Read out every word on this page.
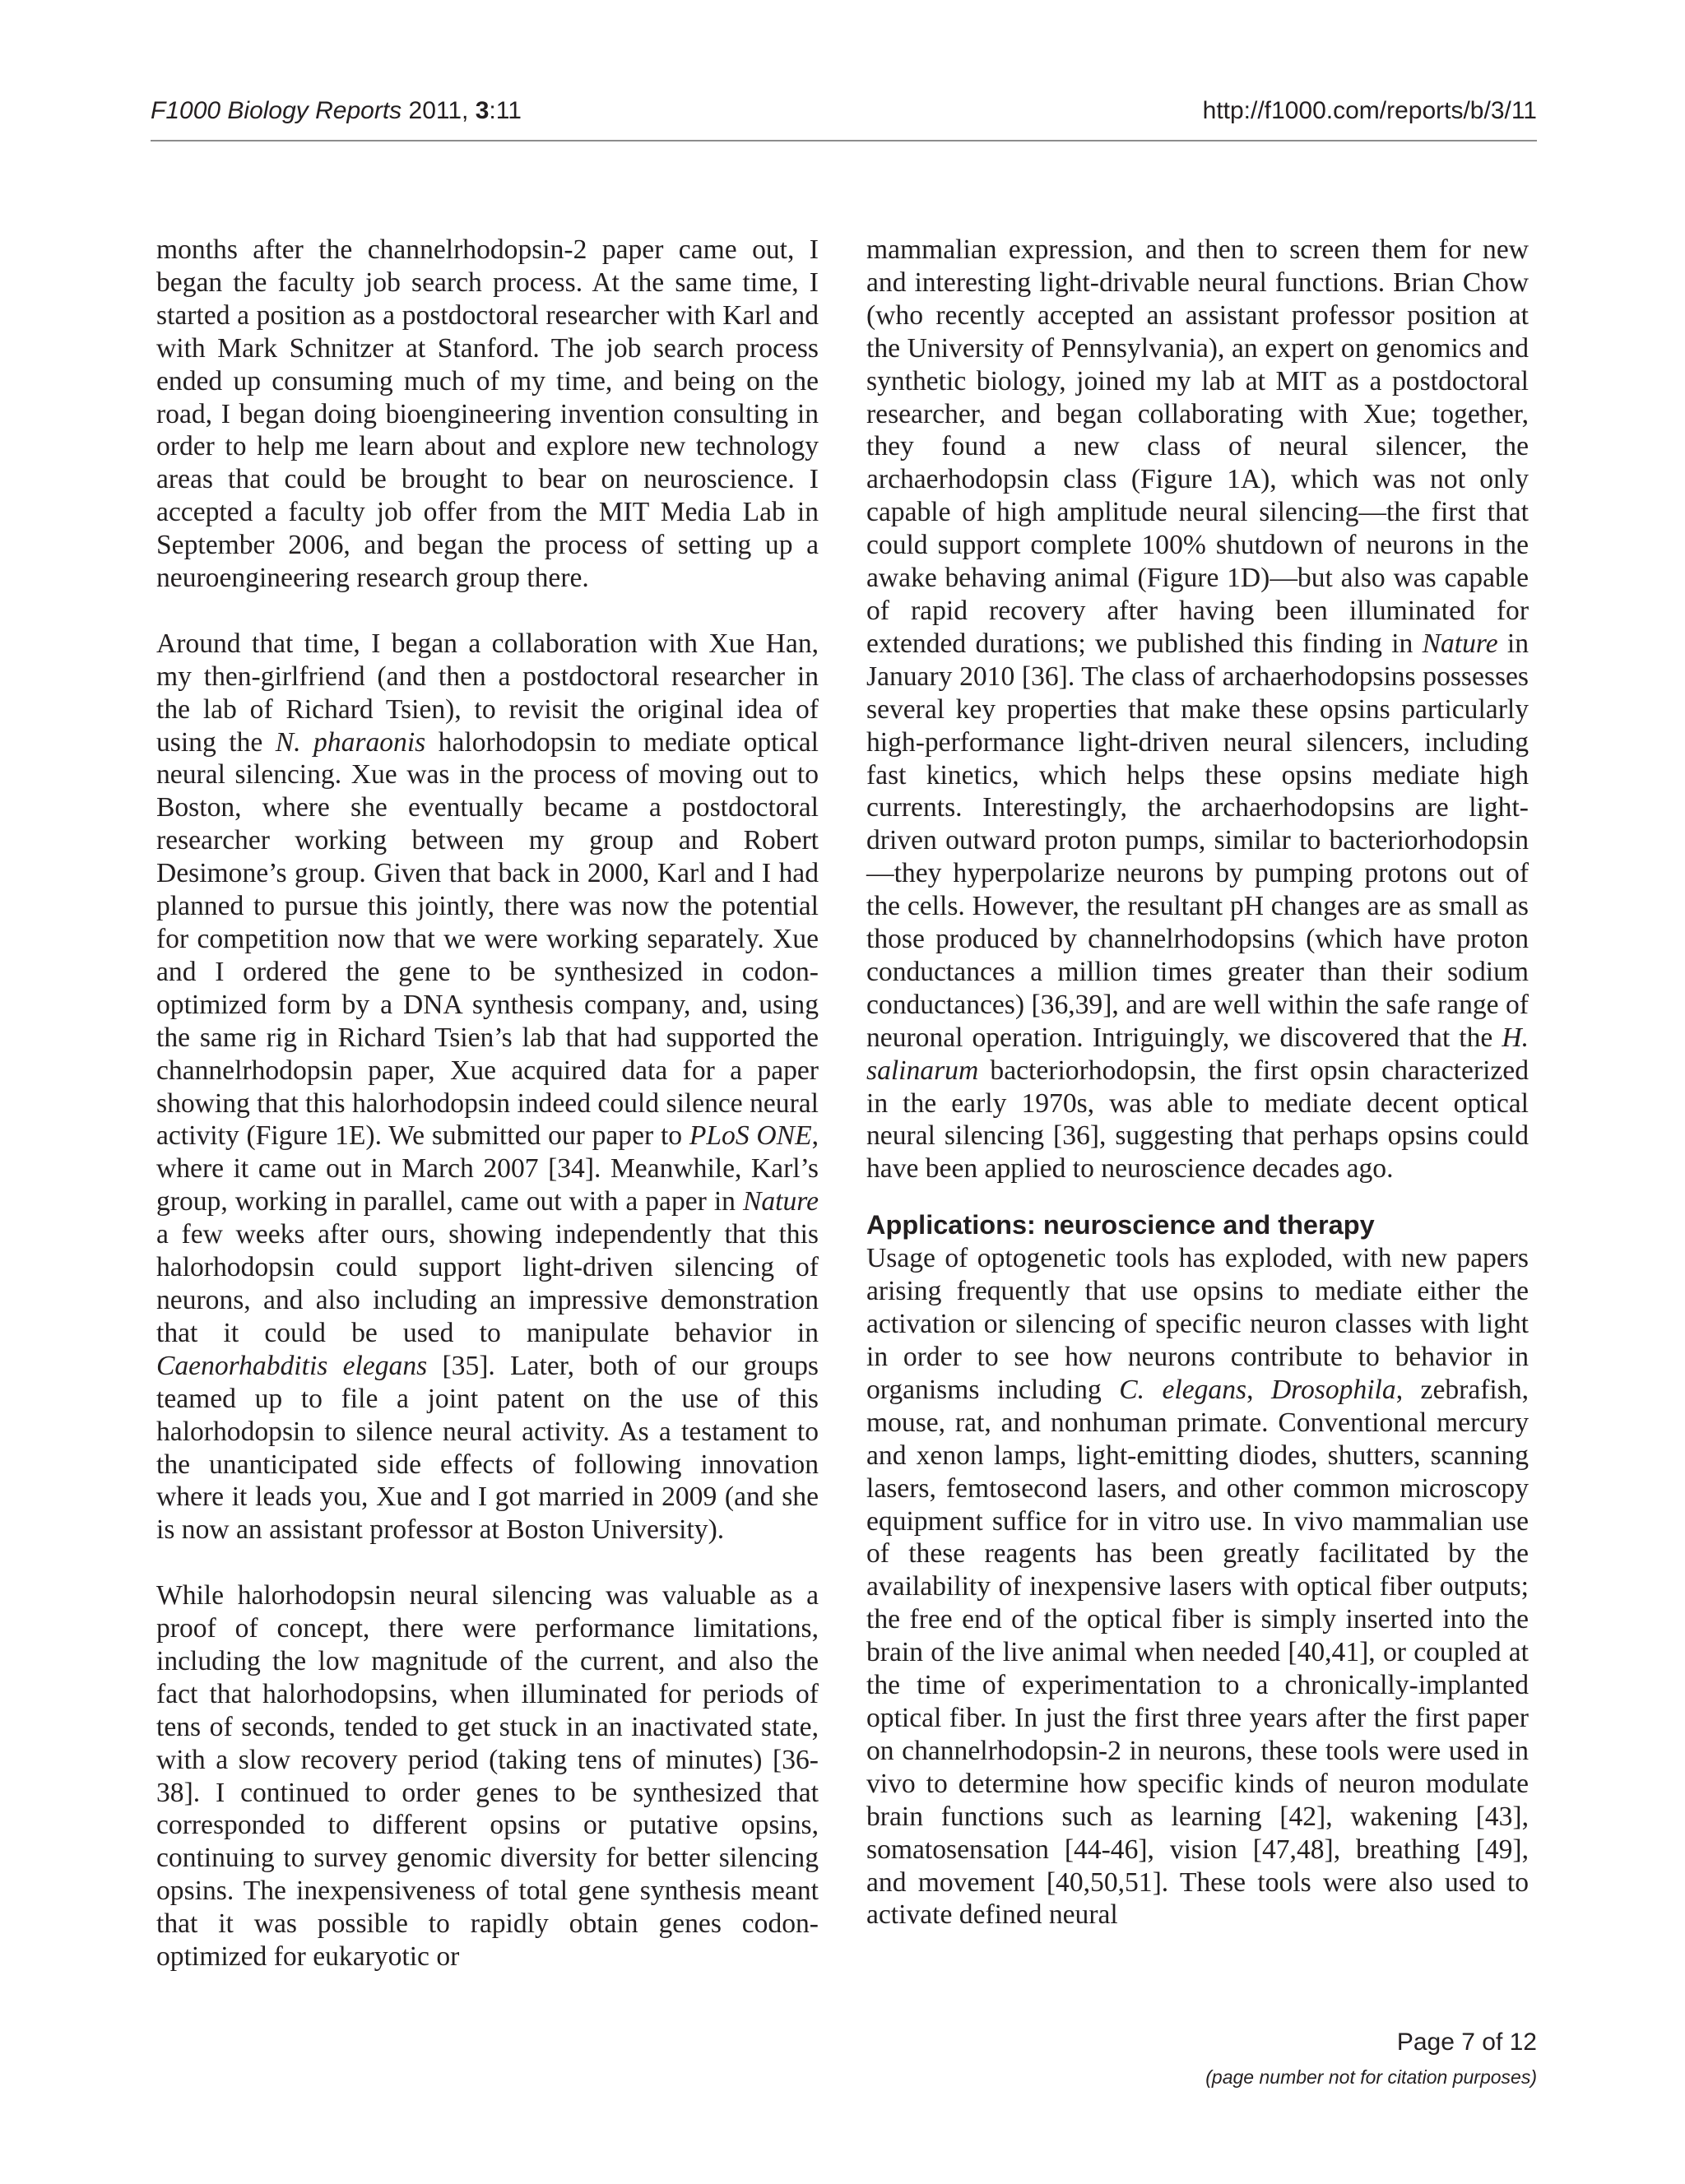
F1000 Biology Reports 2011, 3:11	http://f1000.com/reports/b/3/11

months after the channelrhodopsin-2 paper came out, I began the faculty job search process. At the same time, I started a position as a postdoctoral researcher with Karl and with Mark Schnitzer at Stanford. The job search process ended up consuming much of my time, and being on the road, I began doing bioengineering invention consulting in order to help me learn about and explore new technology areas that could be brought to bear on neuroscience. I accepted a faculty job offer from the MIT Media Lab in September 2006, and began the process of setting up a neuroengineering research group there.

Around that time, I began a collaboration with Xue Han, my then-girlfriend (and then a postdoctoral researcher in the lab of Richard Tsien), to revisit the original idea of using the N. pharaonis halorhodopsin to mediate optical neural silencing. Xue was in the process of moving out to Boston, where she eventually became a postdoctoral researcher working between my group and Robert Desimone’s group. Given that back in 2000, Karl and I had planned to pursue this jointly, there was now the potential for competition now that we were working separately. Xue and I ordered the gene to be synthesized in codon-optimized form by a DNA synthesis company, and, using the same rig in Richard Tsien’s lab that had supported the channelrhodopsin paper, Xue acquired data for a paper showing that this halorhodopsin indeed could silence neural activity (Figure 1E). We submitted our paper to PLoS ONE, where it came out in March 2007 [34]. Meanwhile, Karl’s group, working in parallel, came out with a paper in Nature a few weeks after ours, showing independently that this halorhodopsin could support light-driven silencing of neurons, and also including an impressive demonstration that it could be used to manipulate behavior in Caenorhabditis elegans [35]. Later, both of our groups teamed up to file a joint patent on the use of this halorhodopsin to silence neural activity. As a testament to the unanticipated side effects of following innovation where it leads you, Xue and I got married in 2009 (and she is now an assistant professor at Boston University).

While halorhodopsin neural silencing was valuable as a proof of concept, there were performance limitations, including the low magnitude of the current, and also the fact that halorhodopsins, when illuminated for periods of tens of seconds, tended to get stuck in an inactivated state, with a slow recovery period (taking tens of minutes) [36-38]. I continued to order genes to be synthesized that corresponded to different opsins or putative opsins, continuing to survey genomic diversity for better silencing opsins. The inexpensiveness of total gene synthesis meant that it was possible to rapidly obtain genes codon-optimized for eukaryotic or

mammalian expression, and then to screen them for new and interesting light-drivable neural functions. Brian Chow (who recently accepted an assistant professor position at the University of Pennsylvania), an expert on genomics and synthetic biology, joined my lab at MIT as a postdoctoral researcher, and began collaborating with Xue; together, they found a new class of neural silencer, the archaerhodopsin class (Figure 1A), which was not only capable of high amplitude neural silencing—the first that could support complete 100% shutdown of neurons in the awake behaving animal (Figure 1D)—but also was capable of rapid recovery after having been illuminated for extended durations; we published this finding in Nature in January 2010 [36]. The class of archaerhodopsins possesses several key properties that make these opsins particularly high-performance light-driven neural silencers, including fast kinetics, which helps these opsins mediate high currents. Interestingly, the archaerhodopsins are light-driven outward proton pumps, similar to bacteriorhodopsin—they hyperpolarize neurons by pumping protons out of the cells. However, the resultant pH changes are as small as those produced by channelrhodopsins (which have proton conductances a million times greater than their sodium conductances) [36,39], and are well within the safe range of neuronal operation. Intriguingly, we discovered that the H. salinarum bacteriorhodopsin, the first opsin characterized in the early 1970s, was able to mediate decent optical neural silencing [36], suggesting that perhaps opsins could have been applied to neuroscience decades ago.

Applications: neuroscience and therapy

Usage of optogenetic tools has exploded, with new papers arising frequently that use opsins to mediate either the activation or silencing of specific neuron classes with light in order to see how neurons contribute to behavior in organisms including C. elegans, Drosophila, zebrafish, mouse, rat, and nonhuman primate. Conventional mercury and xenon lamps, light-emitting diodes, shutters, scanning lasers, femtosecond lasers, and other common microscopy equipment suffice for in vitro use. In vivo mammalian use of these reagents has been greatly facilitated by the availability of inexpensive lasers with optical fiber outputs; the free end of the optical fiber is simply inserted into the brain of the live animal when needed [40,41], or coupled at the time of experimentation to a chronically-implanted optical fiber. In just the first three years after the first paper on channelrhodopsin-2 in neurons, these tools were used in vivo to determine how specific kinds of neuron modulate brain functions such as learning [42], wakening [43], somatosensation [44-46], vision [47,48], breathing [49], and movement [40,50,51]. These tools were also used to activate defined neural

Page 7 of 12
(page number not for citation purposes)
